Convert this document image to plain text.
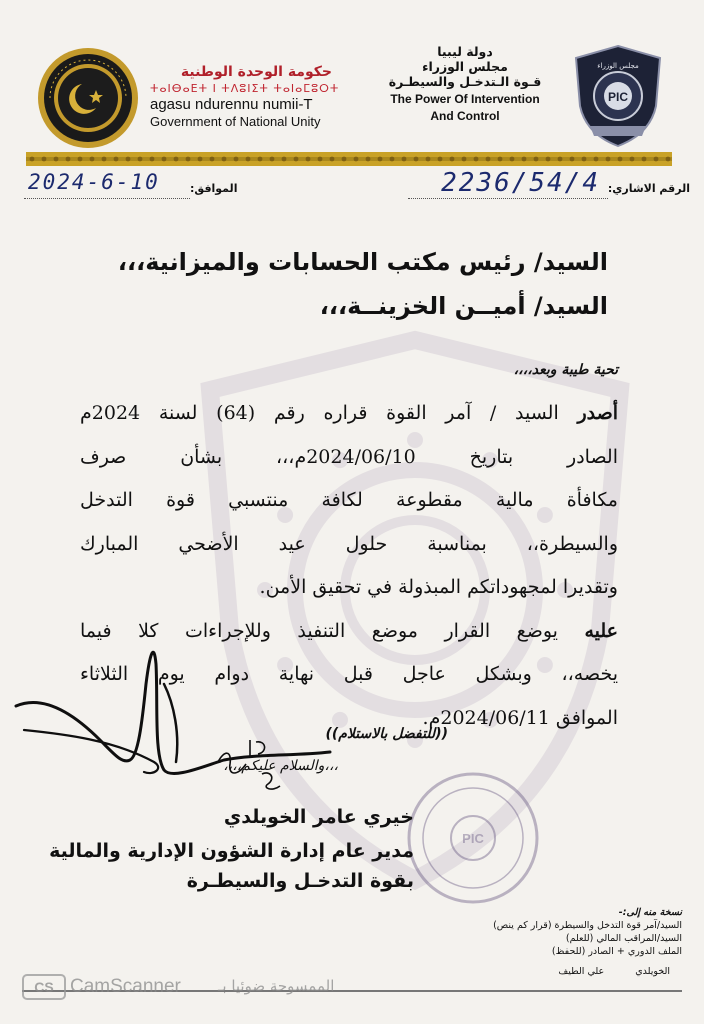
حكومة الوحدة الوطنية
ⵜⴰⵏⴱⴰⴹⵜ ⵏ ⵜⴷⵓⵏⵉⵜ ⵜⴰⵏⴰⵎⵓⵔⵜ
agasu ndurennu numii-T
Government of National Unity
دولة ليبيا
مجلس الوزراء
قـوة الـتدخـل والسيطـرة
The Power Of Intervention
And Control
PIC
مجلس الوزراء
الرقم الاشاري:
2236/54/4
الموافق:
2024-6-10
السيد/ رئيس مكتب الحسابات والميزانية،،،
السيد/ أميــن الخزينــة،،،
تحية طيبة وبعد،،،،
أصدر السيد / آمر القوة قراره رقم (64) لسنة 2024م
الصادر بتاريخ 2024/06/10م،،، بشأن صرف
مكافأة مالية مقطوعة لكافة منتسبي قوة التدخل
والسيطرة،، بمناسبة حلول عيد الأضحي المبارك
وتقديرا لمجهوداتكم المبذولة في تحقيق الأمن.
عليه يوضع القرار موضع التنفيذ وللإجراءات كلا فيما
يخصه،، وبشكل عاجل قبل نهاية دوام يوم الثلاثاء
الموافق 2024/06/11م.
((للتفضل بالاستلام))
،،،والسلام عليكم،،،،
PIC
خيري عامر الخويلدي
مدير عام إدارة الشؤون الإدارية والمالية
بقوة التدخـل والسيطـرة
نسخة منه إلى:-
السيد/آمر قوة التدخل والسيطرة (قرار كم ينص)
السيد/المراقب المالي (للعلم)
الملف الدوري + الصادر (للحفظ)
الخويلدي علي الطيف
CS CamScanner الممسوحة ضوئيا بـ
